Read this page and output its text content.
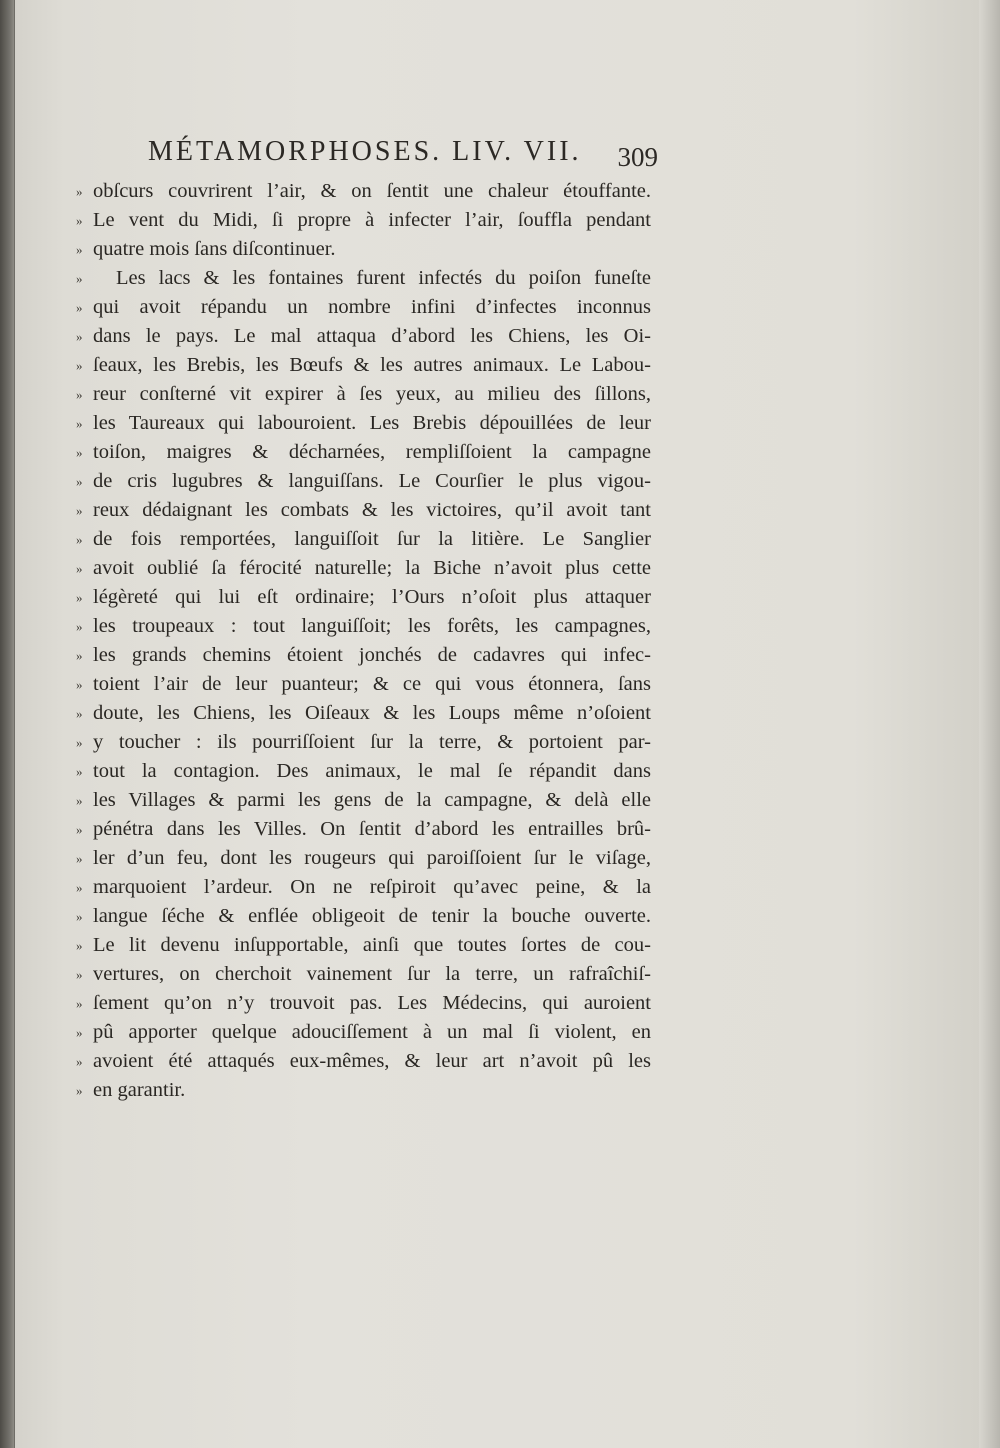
MÉTAMORPHOSES. LIV. VII. 309
» obſcurs couvrirent l’air, & on ſentit une chaleur étouffante.
» Le vent du Midi, ſi propre à infecter l’air, ſouffla pendant
» quatre mois ſans diſcontinuer.
»	Les lacs & les fontaines furent infectés du poiſon funeſte
» qui avoit répandu un nombre infini d’infectes inconnus
» dans le pays. Le mal attaqua d’abord les Chiens, les Oi-
» ſeaux, les Brebis, les Bœufs & les autres animaux. Le Labou-
» reur conſterné vit expirer à ſes yeux, au milieu des ſillons,
» les Taureaux qui labouroient. Les Brebis dépouillées de leur
» toiſon, maigres & décharnées, rempliſſoient la campagne
» de cris lugubres & languiſſans. Le Courſier le plus vigou-
» reux dédaignant les combats & les victoires, qu’il avoit tant
» de fois remportées, languiſſoit ſur la litière. Le Sanglier
» avoit oublié ſa férocité naturelle; la Biche n’avoit plus cette
» légèreté qui lui eſt ordinaire; l’Ours n’oſoit plus attaquer
» les troupeaux : tout languiſſoit; les forêts, les campagnes,
» les grands chemins étoient jonchés de cadavres qui infec-
» toient l’air de leur puanteur; & ce qui vous étonnera, ſans
» doute, les Chiens, les Oiſeaux & les Loups même n’oſoient
» y toucher : ils pourriſſoient ſur la terre, & portoient par-
» tout la contagion. Des animaux, le mal ſe répandit dans
» les Villages & parmi les gens de la campagne, & delà elle
» pénétra dans les Villes. On ſentit d’abord les entrailles brû-
» ler d’un feu, dont les rougeurs qui paroiſſoient ſur le viſage,
» marquoient l’ardeur. On ne reſpiroit qu’avec peine, & la
» langue ſéche & enflée obligeoit de tenir la bouche ouverte.
» Le lit devenu inſupportable, ainſi que toutes ſortes de cou-
» vertures, on cherchoit vainement ſur la terre, un rafraîchiſ-
» ſement qu’on n’y trouvoit pas. Les Médecins, qui auroient
» pû apporter quelque adouciſſement à un mal ſi violent, en
» avoient été attaqués eux-mêmes, & leur art n’avoit pû les
» en garantir.
